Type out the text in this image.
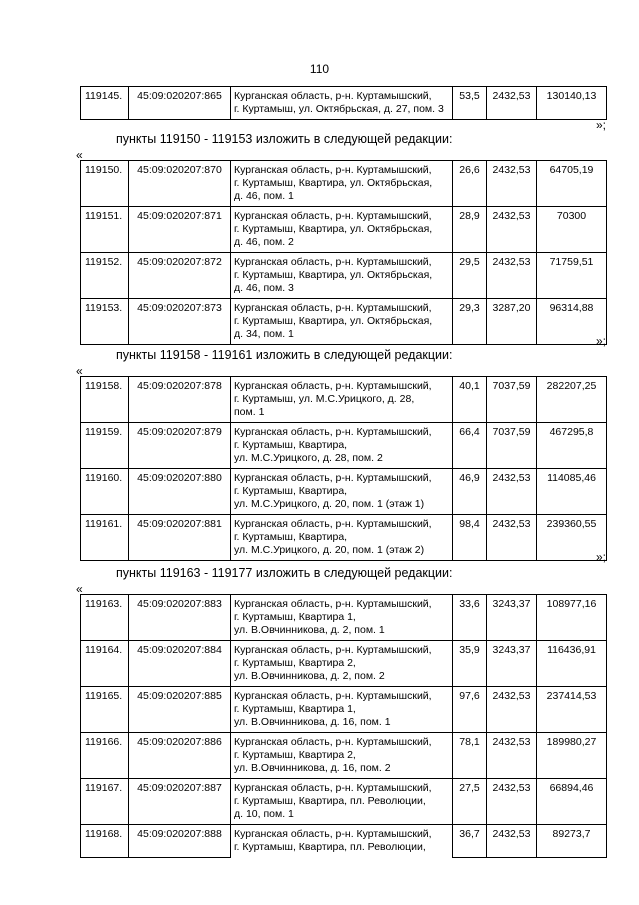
110
119145.	45:09:020207:865	Курганская область, р-н. Куртамышский,
г. Куртамыш, ул. Октябрьская, д. 27, пом. 3	53,5	2432,53	130140,13
»;
пункты 119150 - 119153 изложить в следующей редакции:
«
119150.	45:09:020207:870	Курганская область, р-н. Куртамышский,
г. Куртамыш, Квартира, ул. Октябрьская,
д. 46, пом. 1	26,6	2432,53	64705,19
119151.	45:09:020207:871	Курганская область, р-н. Куртамышский,
г. Куртамыш, Квартира, ул. Октябрьская,
д. 46, пом. 2	28,9	2432,53	70300
119152.	45:09:020207:872	Курганская область, р-н. Куртамышский,
г. Куртамыш, Квартира, ул. Октябрьская,
д. 46, пом. 3	29,5	2432,53	71759,51
119153.	45:09:020207:873	Курганская область, р-н. Куртамышский,
г. Куртамыш, Квартира, ул. Октябрьская,
д. 34, пом. 1	29,3	3287,20	96314,88
»;
пункты 119158 - 119161 изложить в следующей редакции:
«
119158.	45:09:020207:878	Курганская область, р-н. Куртамышский,
г. Куртамыш, ул. М.С.Урицкого, д. 28,
пом. 1	40,1	7037,59	282207,25
119159.	45:09:020207:879	Курганская область, р-н. Куртамышский,
г. Куртамыш, Квартира,
ул. М.С.Урицкого, д. 28, пом. 2	66,4	7037,59	467295,8
119160.	45:09:020207:880	Курганская область, р-н. Куртамышский,
г. Куртамыш, Квартира,
ул. М.С.Урицкого, д. 20, пом. 1 (этаж 1)	46,9	2432,53	114085,46
119161.	45:09:020207:881	Курганская область, р-н. Куртамышский,
г. Куртамыш, Квартира,
ул. М.С.Урицкого, д. 20, пом. 1 (этаж 2)	98,4	2432,53	239360,55
»;
пункты 119163 - 119177 изложить в следующей редакции:
«
119163.	45:09:020207:883	Курганская область, р-н. Куртамышский,
г. Куртамыш, Квартира 1,
ул. В.Овчинникова, д. 2, пом. 1	33,6	3243,37	108977,16
119164.	45:09:020207:884	Курганская область, р-н. Куртамышский,
г. Куртамыш, Квартира 2,
ул. В.Овчинникова, д. 2, пом. 2	35,9	3243,37	116436,91
119165.	45:09:020207:885	Курганская область, р-н. Куртамышский,
г. Куртамыш, Квартира 1,
ул. В.Овчинникова, д. 16, пом. 1	97,6	2432,53	237414,53
119166.	45:09:020207:886	Курганская область, р-н. Куртамышский,
г. Куртамыш, Квартира 2,
ул. В.Овчинникова, д. 16, пом. 2	78,1	2432,53	189980,27
119167.	45:09:020207:887	Курганская область, р-н. Куртамышский,
г. Куртамыш, Квартира, пл. Революции,
д. 10, пом. 1	27,5	2432,53	66894,46
119168.	45:09:020207:888	Курганская область, р-н. Куртамышский,
г. Куртамыш, Квартира, пл. Революции,	36,7	2432,53	89273,7
